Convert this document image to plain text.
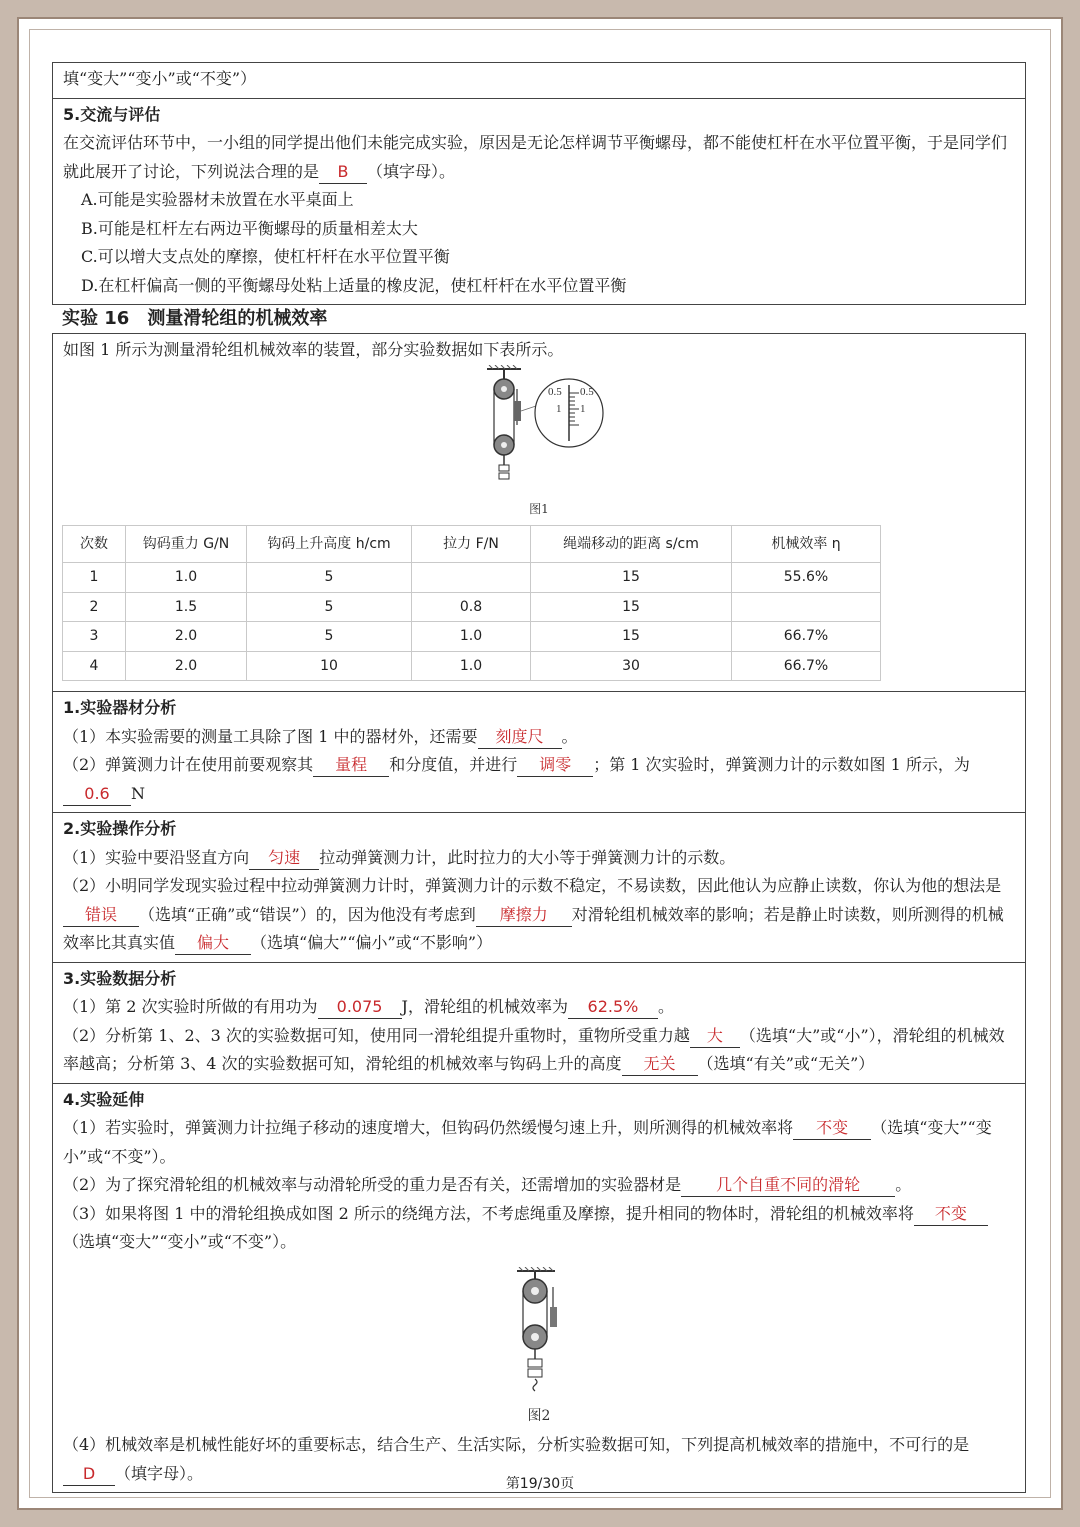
填“变大”“变小”或“不变”）
5.交流与评估
在交流评估环节中，一小组的同学提出他们未能完成实验，原因是无论怎样调节平衡螺母，都不能使杠杆在水平位置平衡，于是同学们就此展开了讨论，下列说法合理的是 B （填字母）。
A.可能是实验器材未放置在水平桌面上
B.可能是杠杆左右两边平衡螺母的质量相差太大
C.可以增大支点处的摩擦，使杠杆杆在水平位置平衡
D.在杠杆偏高一侧的平衡螺母处粘上适量的橡皮泥，使杠杆杆在水平位置平衡
实验 16　测量滑轮组的机械效率
如图 1 所示为测量滑轮组机械效率的装置，部分实验数据如下表所示。
0.5 0.5
1 1
图1
次数	钩码重力 G/N	钩码上升高度 h/cm	拉力 F/N	绳端移动的距离 s/cm	机械效率 η
1	1.0	5		15	55.6%
2	1.5	5	0.8	15	
3	2.0	5	1.0	15	66.7%
4	2.0	10	1.0	30	66.7%
1.实验器材分析
（1）本实验需要的测量工具除了图 1 中的器材外，还需要 刻度尺 。
（2）弹簧测力计在使用前要观察其 量程 和分度值，并进行 调零 ；第 1 次实验时，弹簧测力计的示数如图 1 所示，为0.6 N
2.实验操作分析
（1）实验中要沿竖直方向 匀速 拉动弹簧测力计，此时拉力的大小等于弹簧测力计的示数。
（2）小明同学发现实验过程中拉动弹簧测力计时，弹簧测力计的示数不稳定，不易读数，因此他认为应静止读数，你认为他的想法是错误 （选填“正确”或“错误”）的，因为他没有考虑到 摩擦力 对滑轮组机械效率的影响；若是静止时读数，则所测得的机械效率比其真实值 偏大 （选填“偏大”“偏小”或“不影响”）
3.实验数据分析
（1）第 2 次实验时所做的有用功为 0.075 J，滑轮组的机械效率为 62.5% 。
（2）分析第 1、2、3 次的实验数据可知，使用同一滑轮组提升重物时，重物所受重力越 大 （选填“大”或“小”），滑轮组的机械效率越高；分析第 3、4 次的实验数据可知，滑轮组的机械效率与钩码上升的高度 无关 （选填“有关”或“无关”）
4.实验延伸
（1）若实验时，弹簧测力计拉绳子移动的速度增大，但钩码仍然缓慢匀速上升，则所测得的机械效率将 不变 （选填“变大”“变小”或“不变”）。
（2）为了探究滑轮组的机械效率与动滑轮所受的重力是否有关，还需增加的实验器材是 几个自重不同的滑轮 。
（3）如果将图 1 中的滑轮组换成如图 2 所示的绕绳方法，不考虑绳重及摩擦，提升相同的物体时，滑轮组的机械效率将 不变（选填“变大”“变小”或“不变”）。
图2
（4）机械效率是机械性能好坏的重要标志，结合生产、生活实际，分析实验数据可知，下列提高机械效率的措施中，不可行的是D （填字母）。
第19/30页
